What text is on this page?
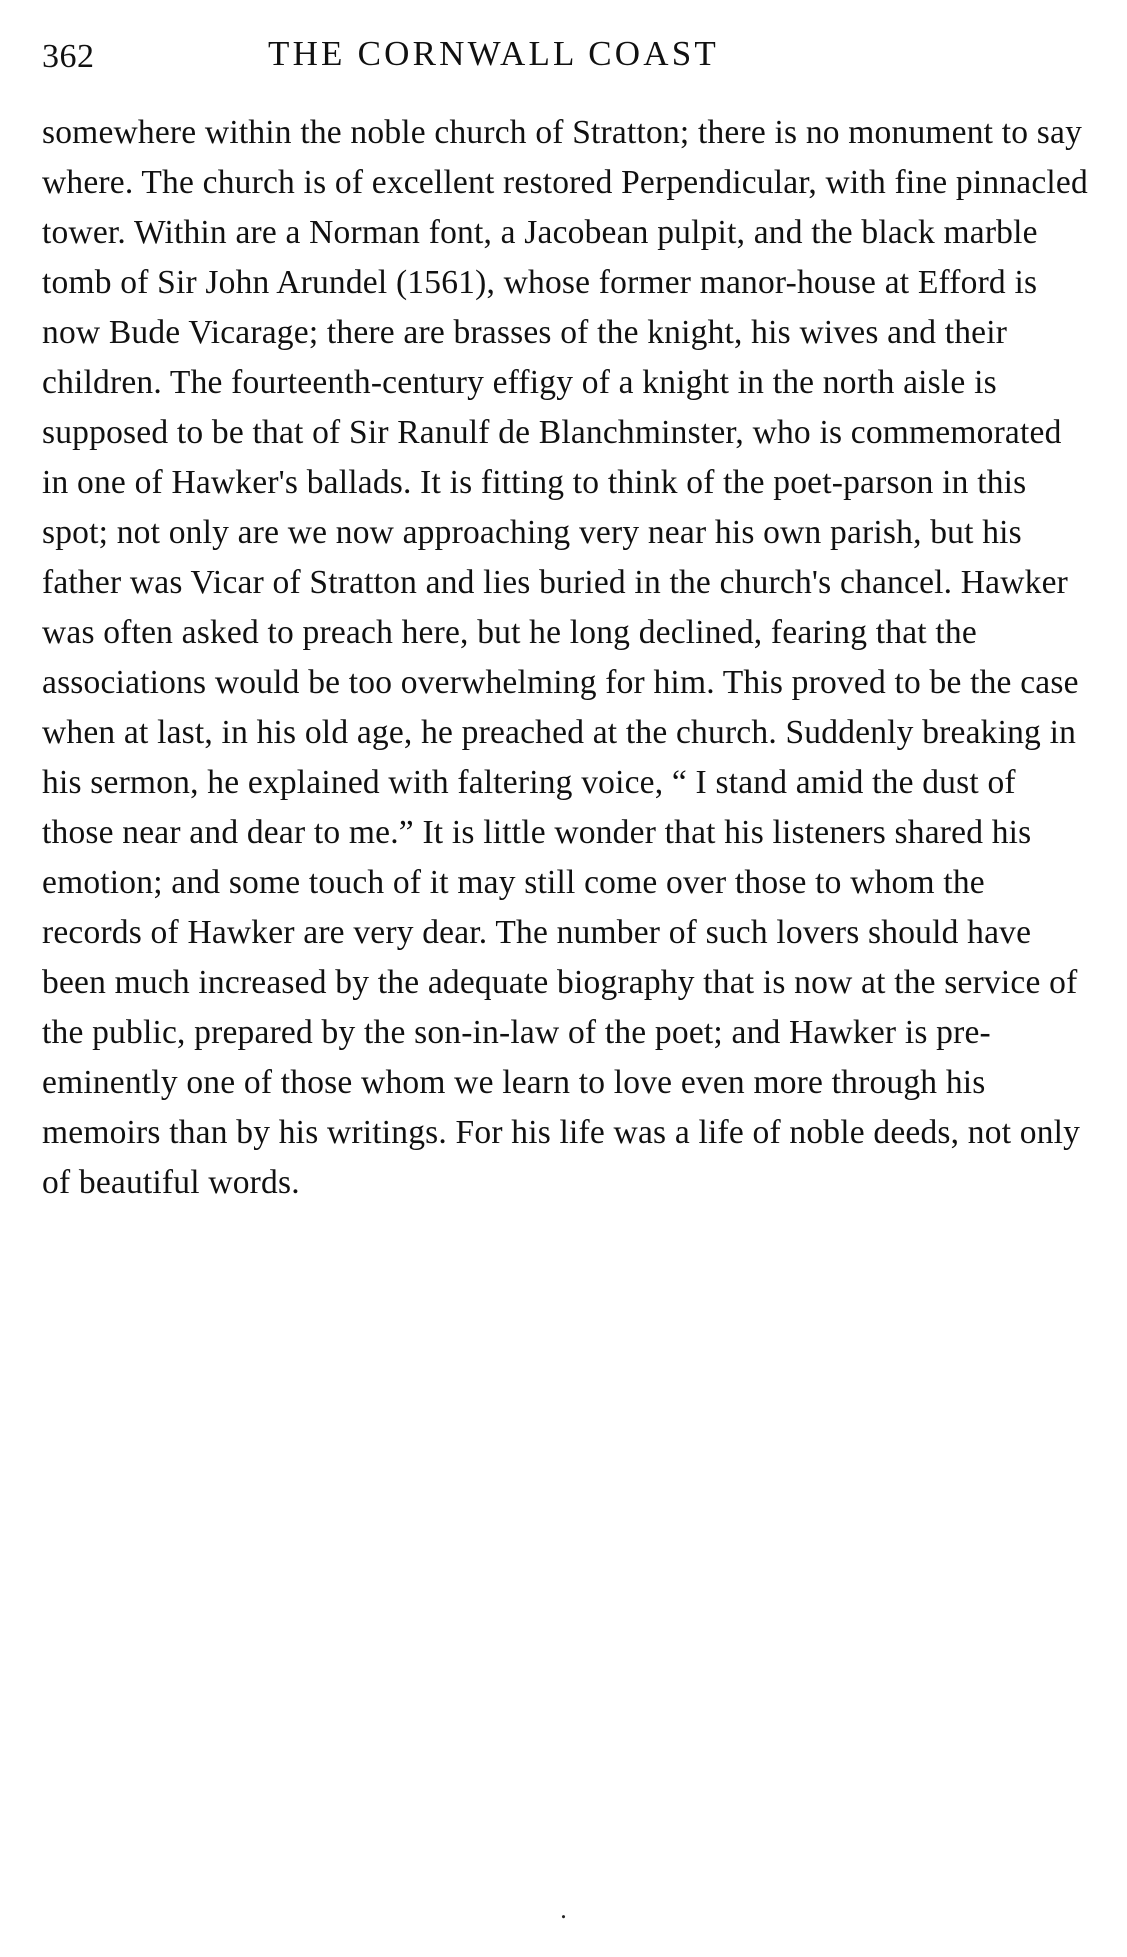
362	THE CORNWALL COAST

somewhere within the noble church of Stratton; there is no monument to say where. The church is of excellent restored Perpendicular, with fine pinnacled tower. Within are a Norman font, a Jacobean pulpit, and the black marble tomb of Sir John Arundel (1561), whose former manor-house at Efford is now Bude Vicarage; there are brasses of the knight, his wives and their children. The fourteenth-century effigy of a knight in the north aisle is supposed to be that of Sir Ranulf de Blanchminster, who is commemorated in one of Hawker's ballads. It is fitting to think of the poet-parson in this spot; not only are we now approaching very near his own parish, but his father was Vicar of Stratton and lies buried in the church's chancel. Hawker was often asked to preach here, but he long declined, fearing that the associations would be too overwhelming for him. This proved to be the case when at last, in his old age, he preached at the church. Suddenly breaking in his sermon, he explained with faltering voice, “ I stand amid the dust of those near and dear to me.” It is little wonder that his listeners shared his emotion; and some touch of it may still come over those to whom the records of Hawker are very dear. The number of such lovers should have been much increased by the adequate biography that is now at the service of the public, prepared by the son-in-law of the poet; and Hawker is pre-eminently one of those whom we learn to love even more through his memoirs than by his writings. For his life was a life of noble deeds, not only of beautiful words.

.
